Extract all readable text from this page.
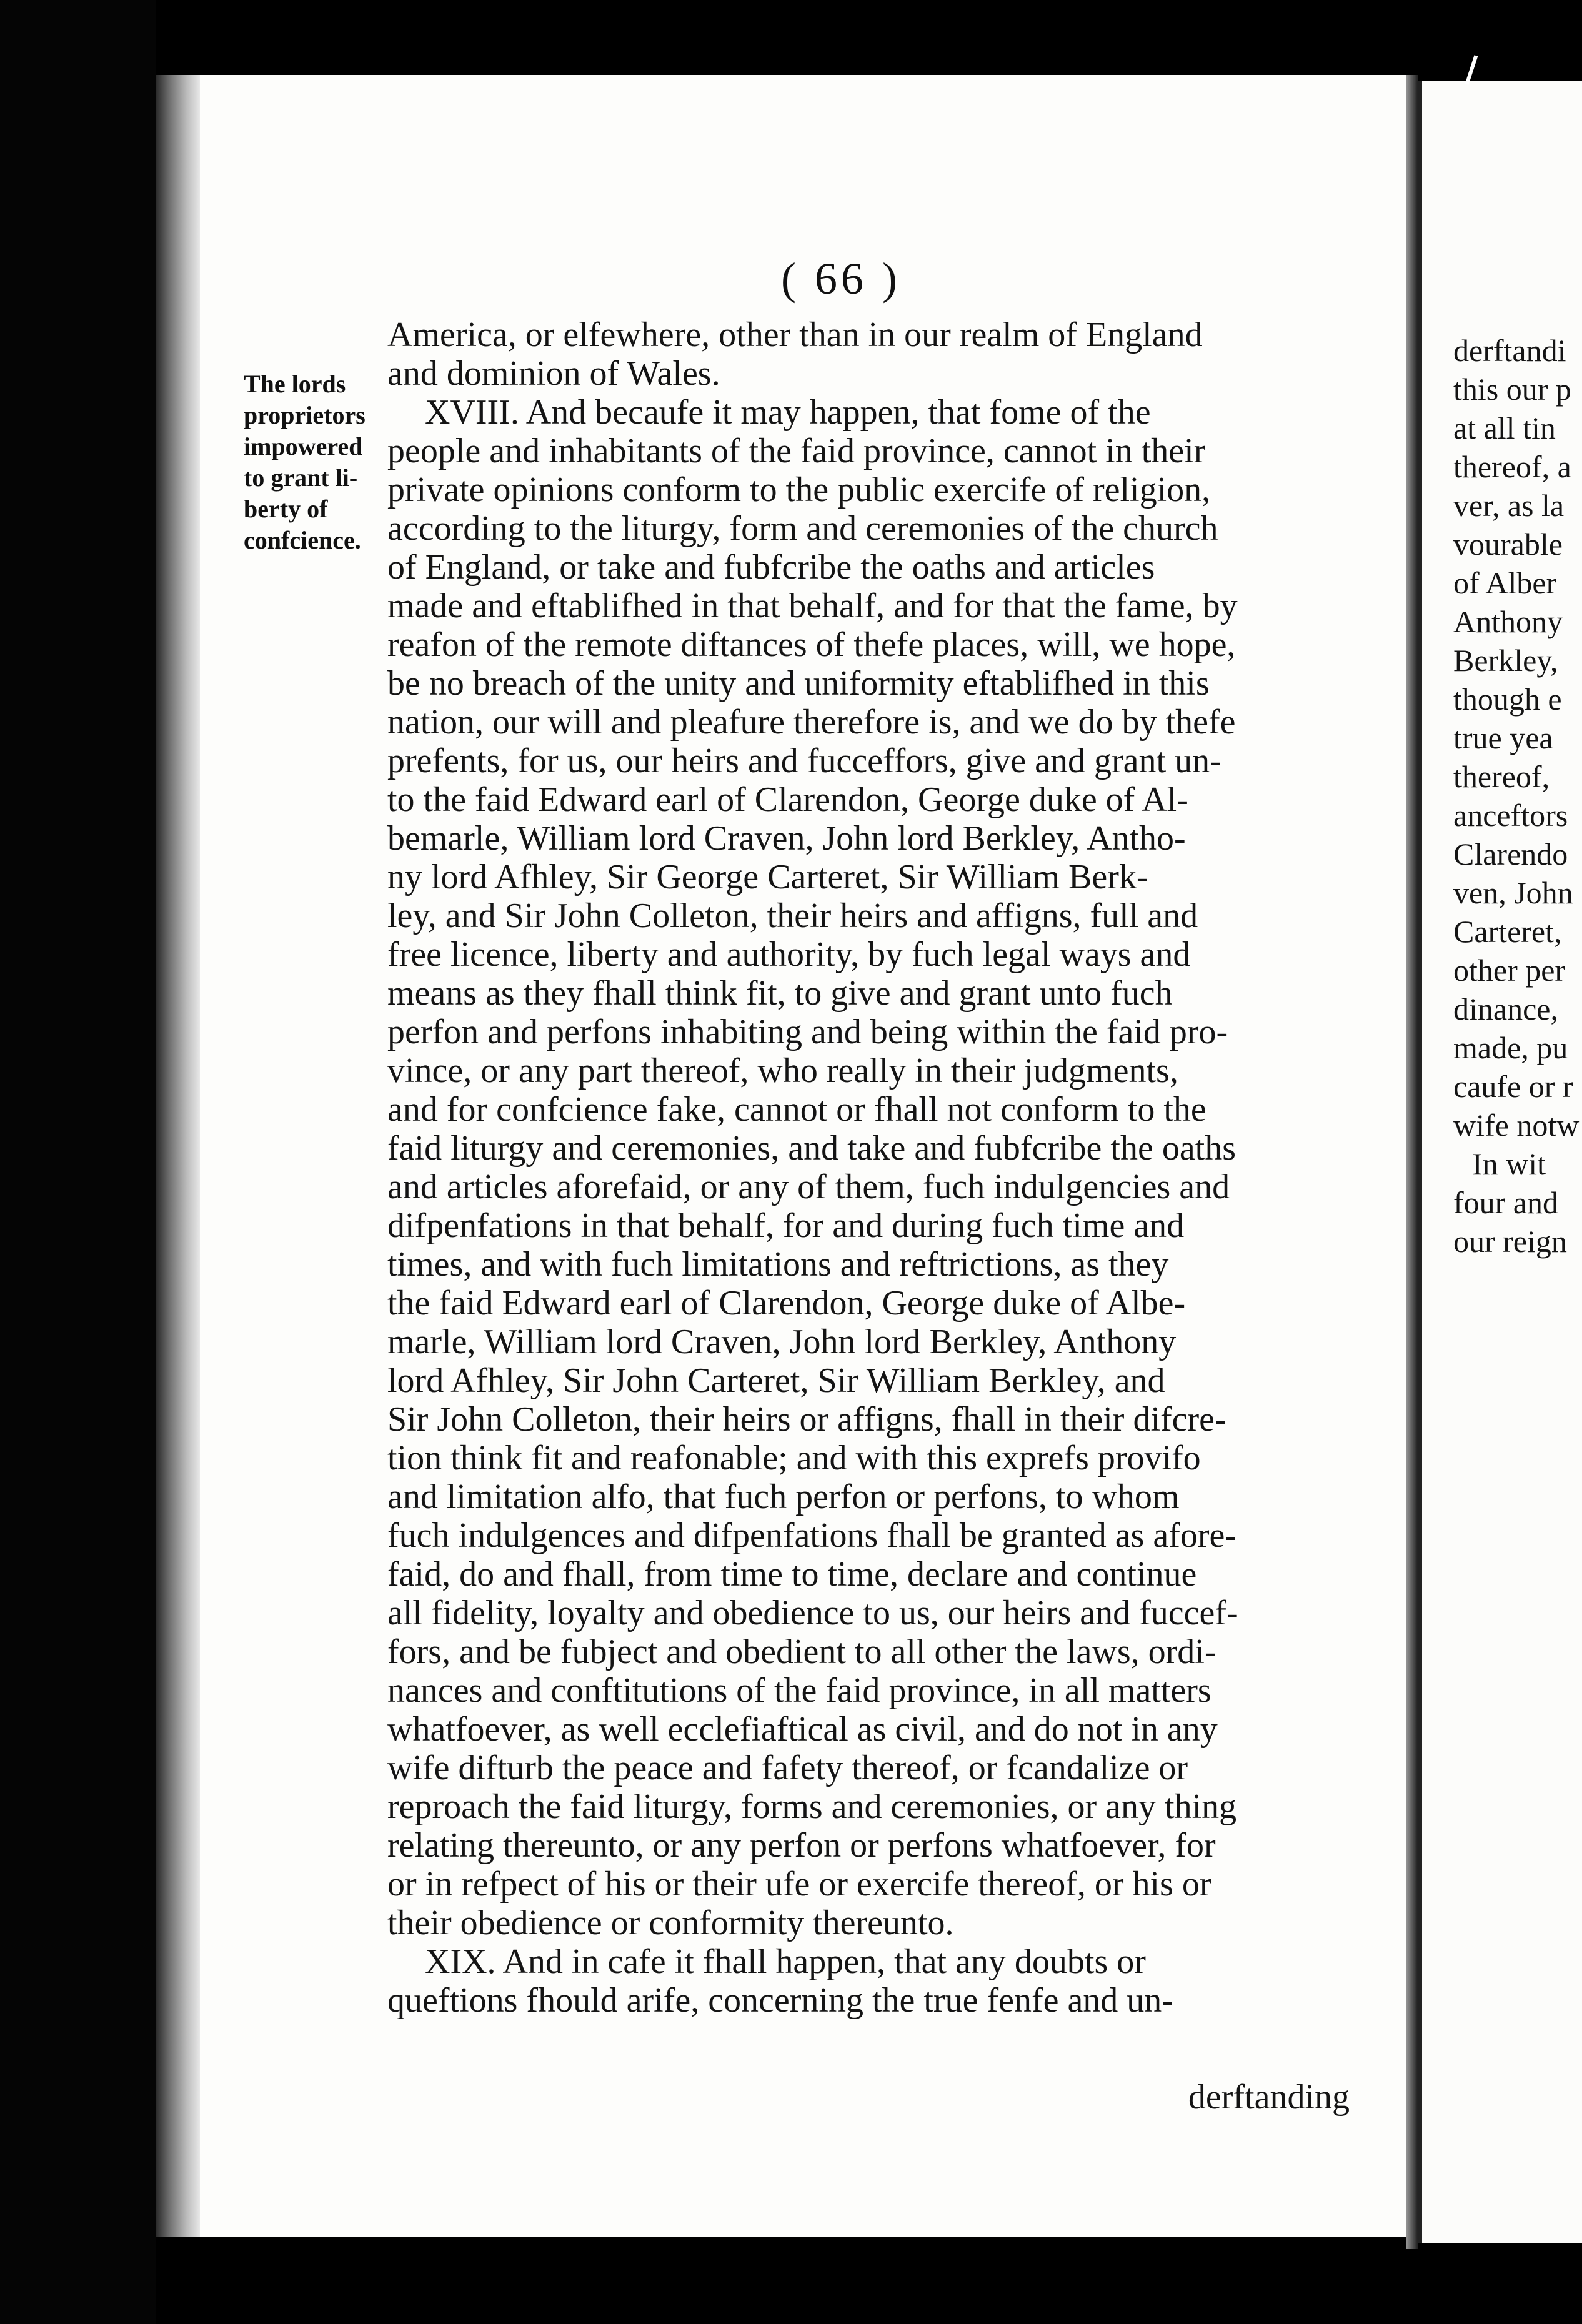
( 66 )
The lords
proprietors
impowered
to grant li-
berty of
confcience.
America, or elfewhere, other than in our realm of England
and dominion of Wales.
XVIII. And becaufe it may happen, that fome of the
people and inhabitants of the faid province, cannot in their
private opinions conform to the public exercife of religion,
according to the liturgy, form and ceremonies of the church
of England, or take and fubfcribe the oaths and articles
made and eftablifhed in that behalf, and for that the fame, by
reafon of the remote diftances of thefe places, will, we hope,
be no breach of the unity and uniformity eftablifhed in this
nation, our will and pleafure therefore is, and we do by thefe
prefents, for us, our heirs and fucceffors, give and grant un-
to the faid Edward earl of Clarendon, George duke of Al-
bemarle, William lord Craven, John lord Berkley, Antho-
ny lord Afhley, Sir George Carteret, Sir William Berk-
ley, and Sir John Colleton, their heirs and affigns, full and
free licence, liberty and authority, by fuch legal ways and
means as they fhall think fit, to give and grant unto fuch
perfon and perfons inhabiting and being within the faid pro-
vince, or any part thereof, who really in their judgments,
and for confcience fake, cannot or fhall not conform to the
faid liturgy and ceremonies, and take and fubfcribe the oaths
and articles aforefaid, or any of them, fuch indulgencies and
difpenfations in that behalf, for and during fuch time and
times, and with fuch limitations and reftrictions, as they
the faid Edward earl of Clarendon, George duke of Albe-
marle, William lord Craven, John lord Berkley, Anthony
lord Afhley, Sir John Carteret, Sir William Berkley, and
Sir John Colleton, their heirs or affigns, fhall in their difcre-
tion think fit and reafonable; and with this exprefs provifo
and limitation alfo, that fuch perfon or perfons, to whom
fuch indulgences and difpenfations fhall be granted as afore-
faid, do and fhall, from time to time, declare and continue
all fidelity, loyalty and obedience to us, our heirs and fuccef-
fors, and be fubject and obedient to all other the laws, ordi-
nances and conftitutions of the faid province, in all matters
whatfoever, as well ecclefiaftical as civil, and do not in any
wife difturb the peace and fafety thereof, or fcandalize or
reproach the faid liturgy, forms and ceremonies, or any thing
relating thereunto, or any perfon or perfons whatfoever, for
or in refpect of his or their ufe or exercife thereof, or his or
their obedience or conformity thereunto.
XIX. And in cafe it fhall happen, that any doubts or
queftions fhould arife, concerning the true fenfe and un-
derftanding
derftandi
this our p
at all tin
thereof, a
ver, as la
vourable
of Alber
Anthony
Berkley,
though e
true yea
thereof,
anceftors
Clarendo
ven, John
Carteret,
other per
dinance,
made, pu
caufe or r
wife notw
In wit
four and
our reign
